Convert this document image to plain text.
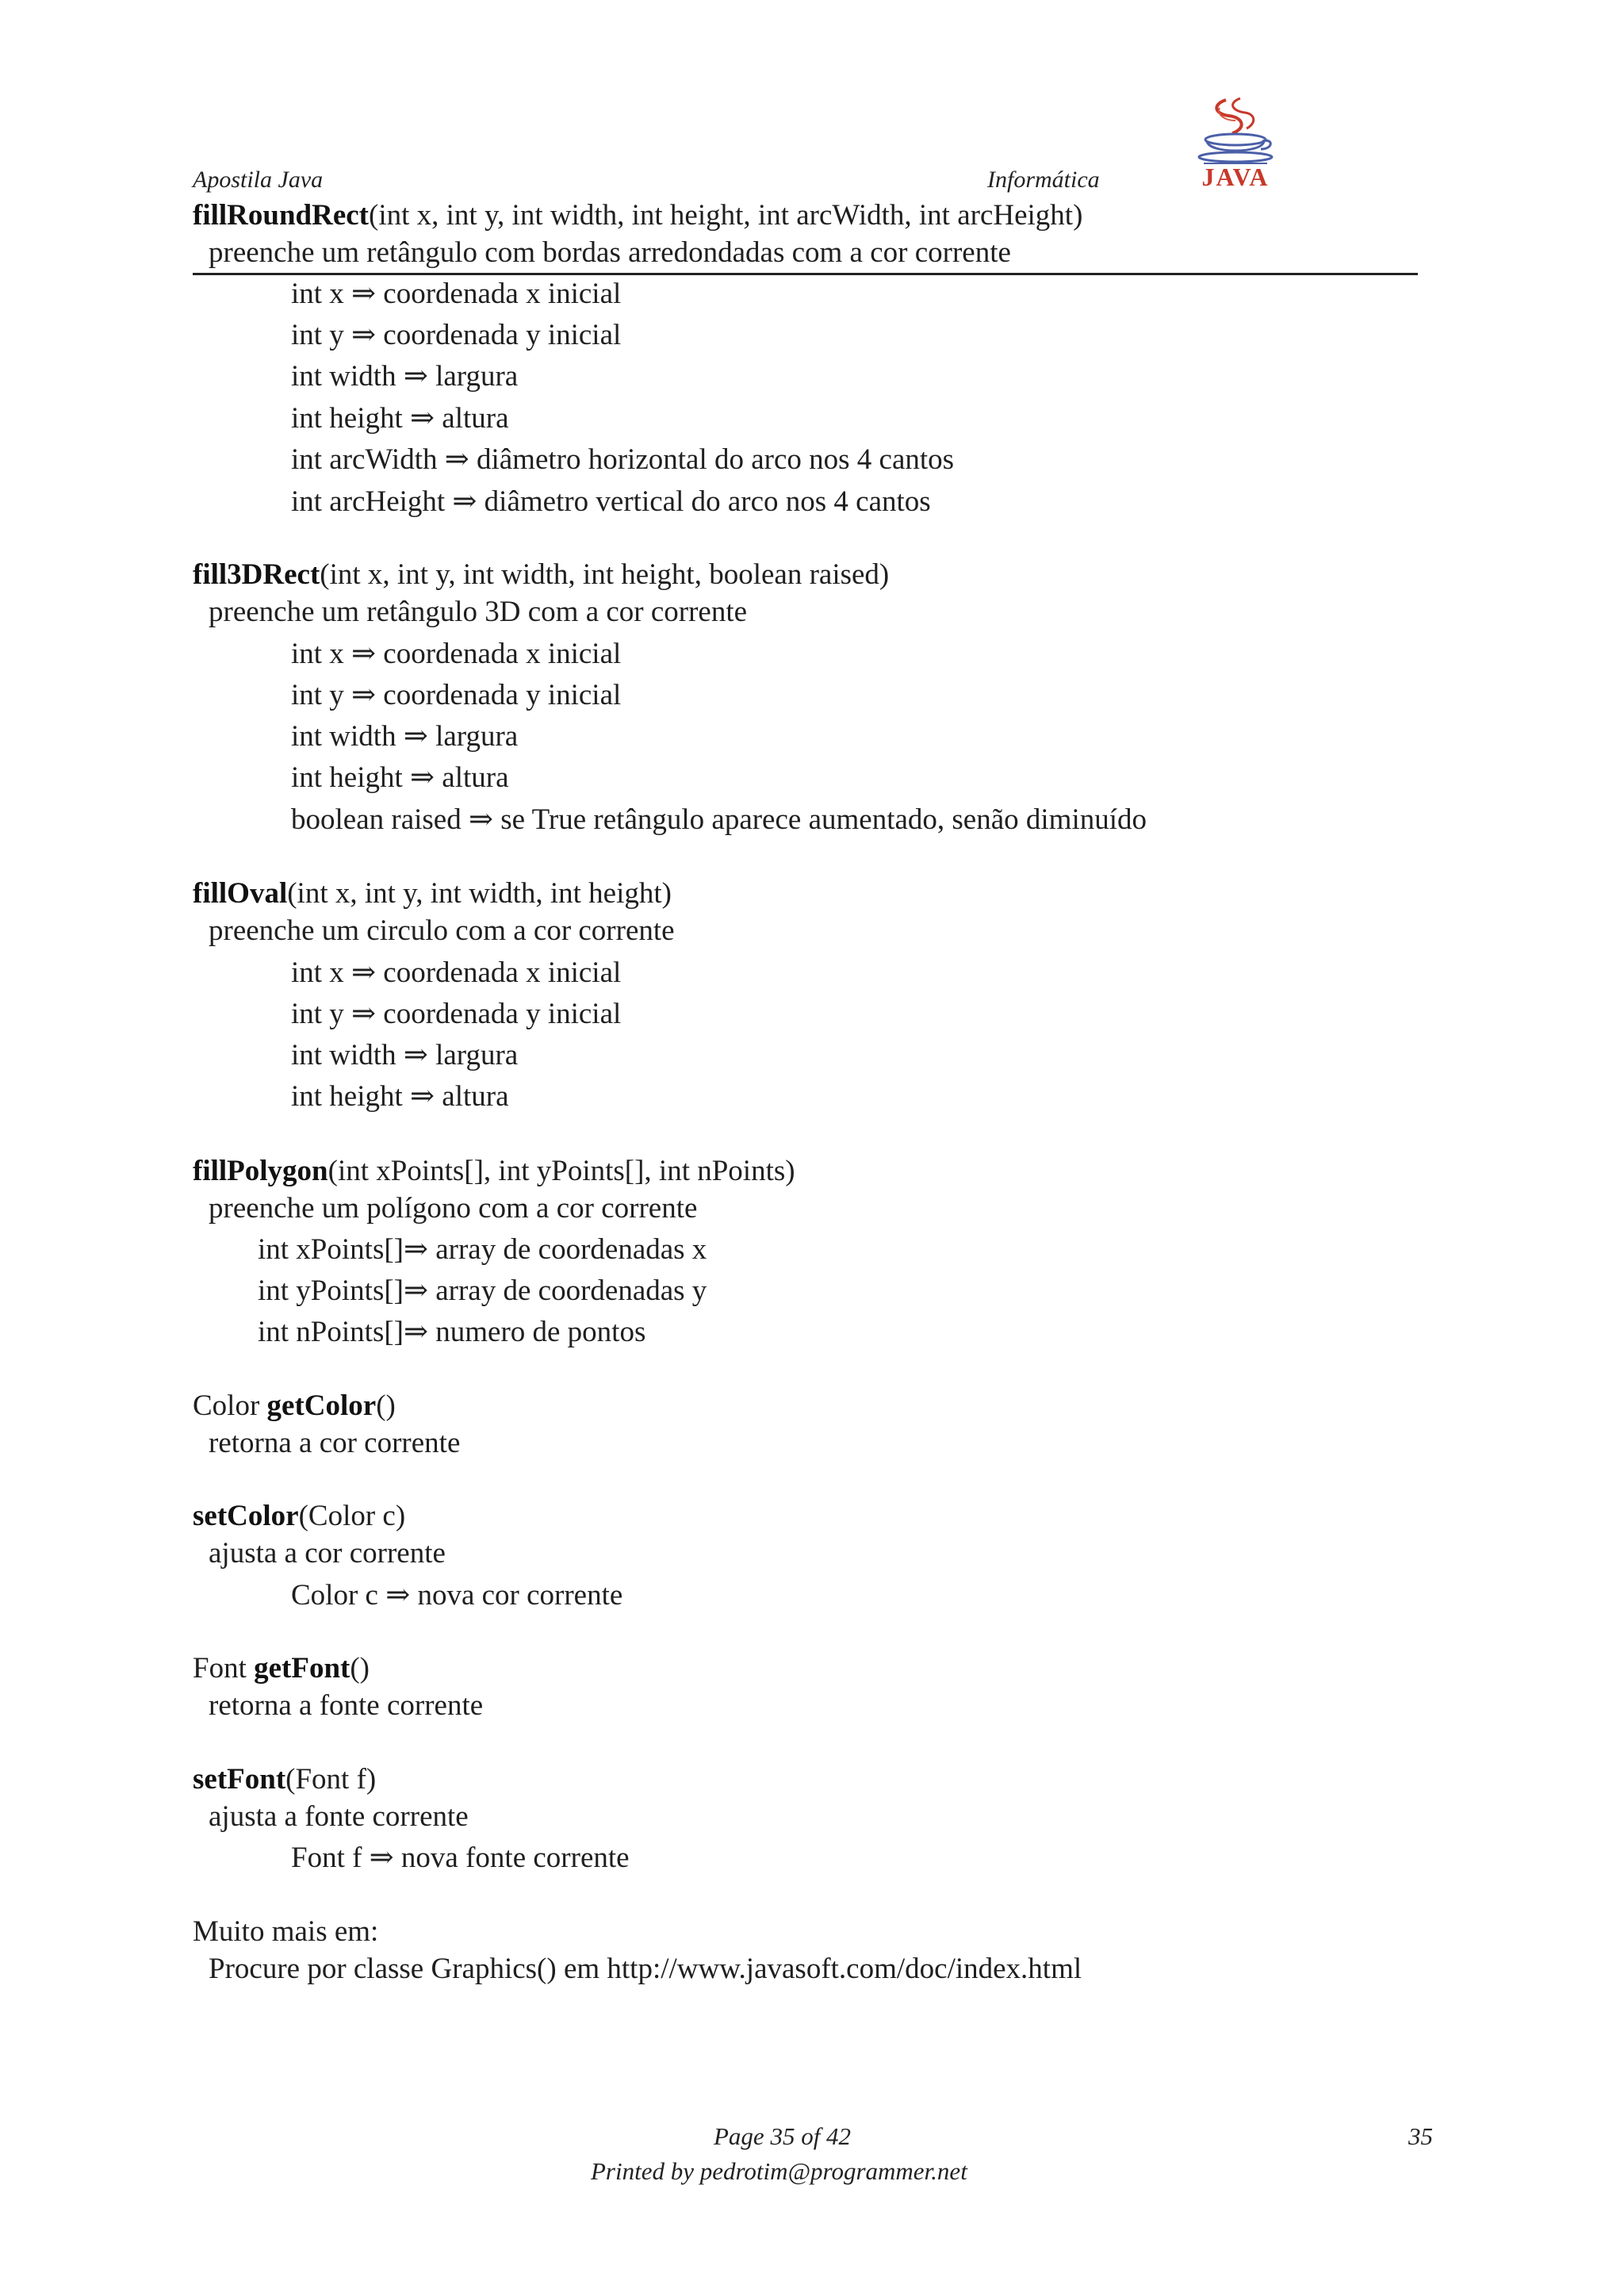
Apostila Java	Informática	JAVA
fillRoundRect(int x, int y, int width, int height, int arcWidth, int arcHeight)
preenche um retângulo com bordas arredondadas com a cor corrente
int x ⇒ coordenada x inicial
int y ⇒ coordenada y inicial
int width ⇒ largura
int height ⇒ altura
int arcWidth ⇒ diâmetro horizontal do arco nos 4 cantos
int arcHeight ⇒ diâmetro vertical do arco nos 4 cantos
fill3DRect(int x, int y, int width, int height, boolean raised)
preenche um retângulo 3D com a cor corrente
int x ⇒ coordenada x inicial
int y ⇒ coordenada y inicial
int width ⇒ largura
int height ⇒ altura
boolean raised ⇒ se True retângulo aparece aumentado, senão diminuído
fillOval(int x, int y, int width, int height)
preenche um circulo com a cor corrente
int x ⇒ coordenada x inicial
int y ⇒ coordenada y inicial
int width ⇒ largura
int height ⇒ altura
fillPolygon(int xPoints[], int yPoints[], int nPoints)
preenche um polígono com a cor corrente
int xPoints[]⇒ array de coordenadas x
int yPoints[]⇒ array de coordenadas y
int nPoints[]⇒ numero de pontos
Color getColor()
retorna a cor corrente
setColor(Color c)
ajusta a cor corrente
Color c ⇒ nova cor corrente
Font getFont()
retorna a fonte corrente
setFont(Font f)
ajusta a fonte corrente
Font f ⇒ nova fonte corrente
Muito mais em:
Procure por classe Graphics() em http://www.javasoft.com/doc/index.html
Page 35 of 42
Printed by pedrotim@programmer.net
35
